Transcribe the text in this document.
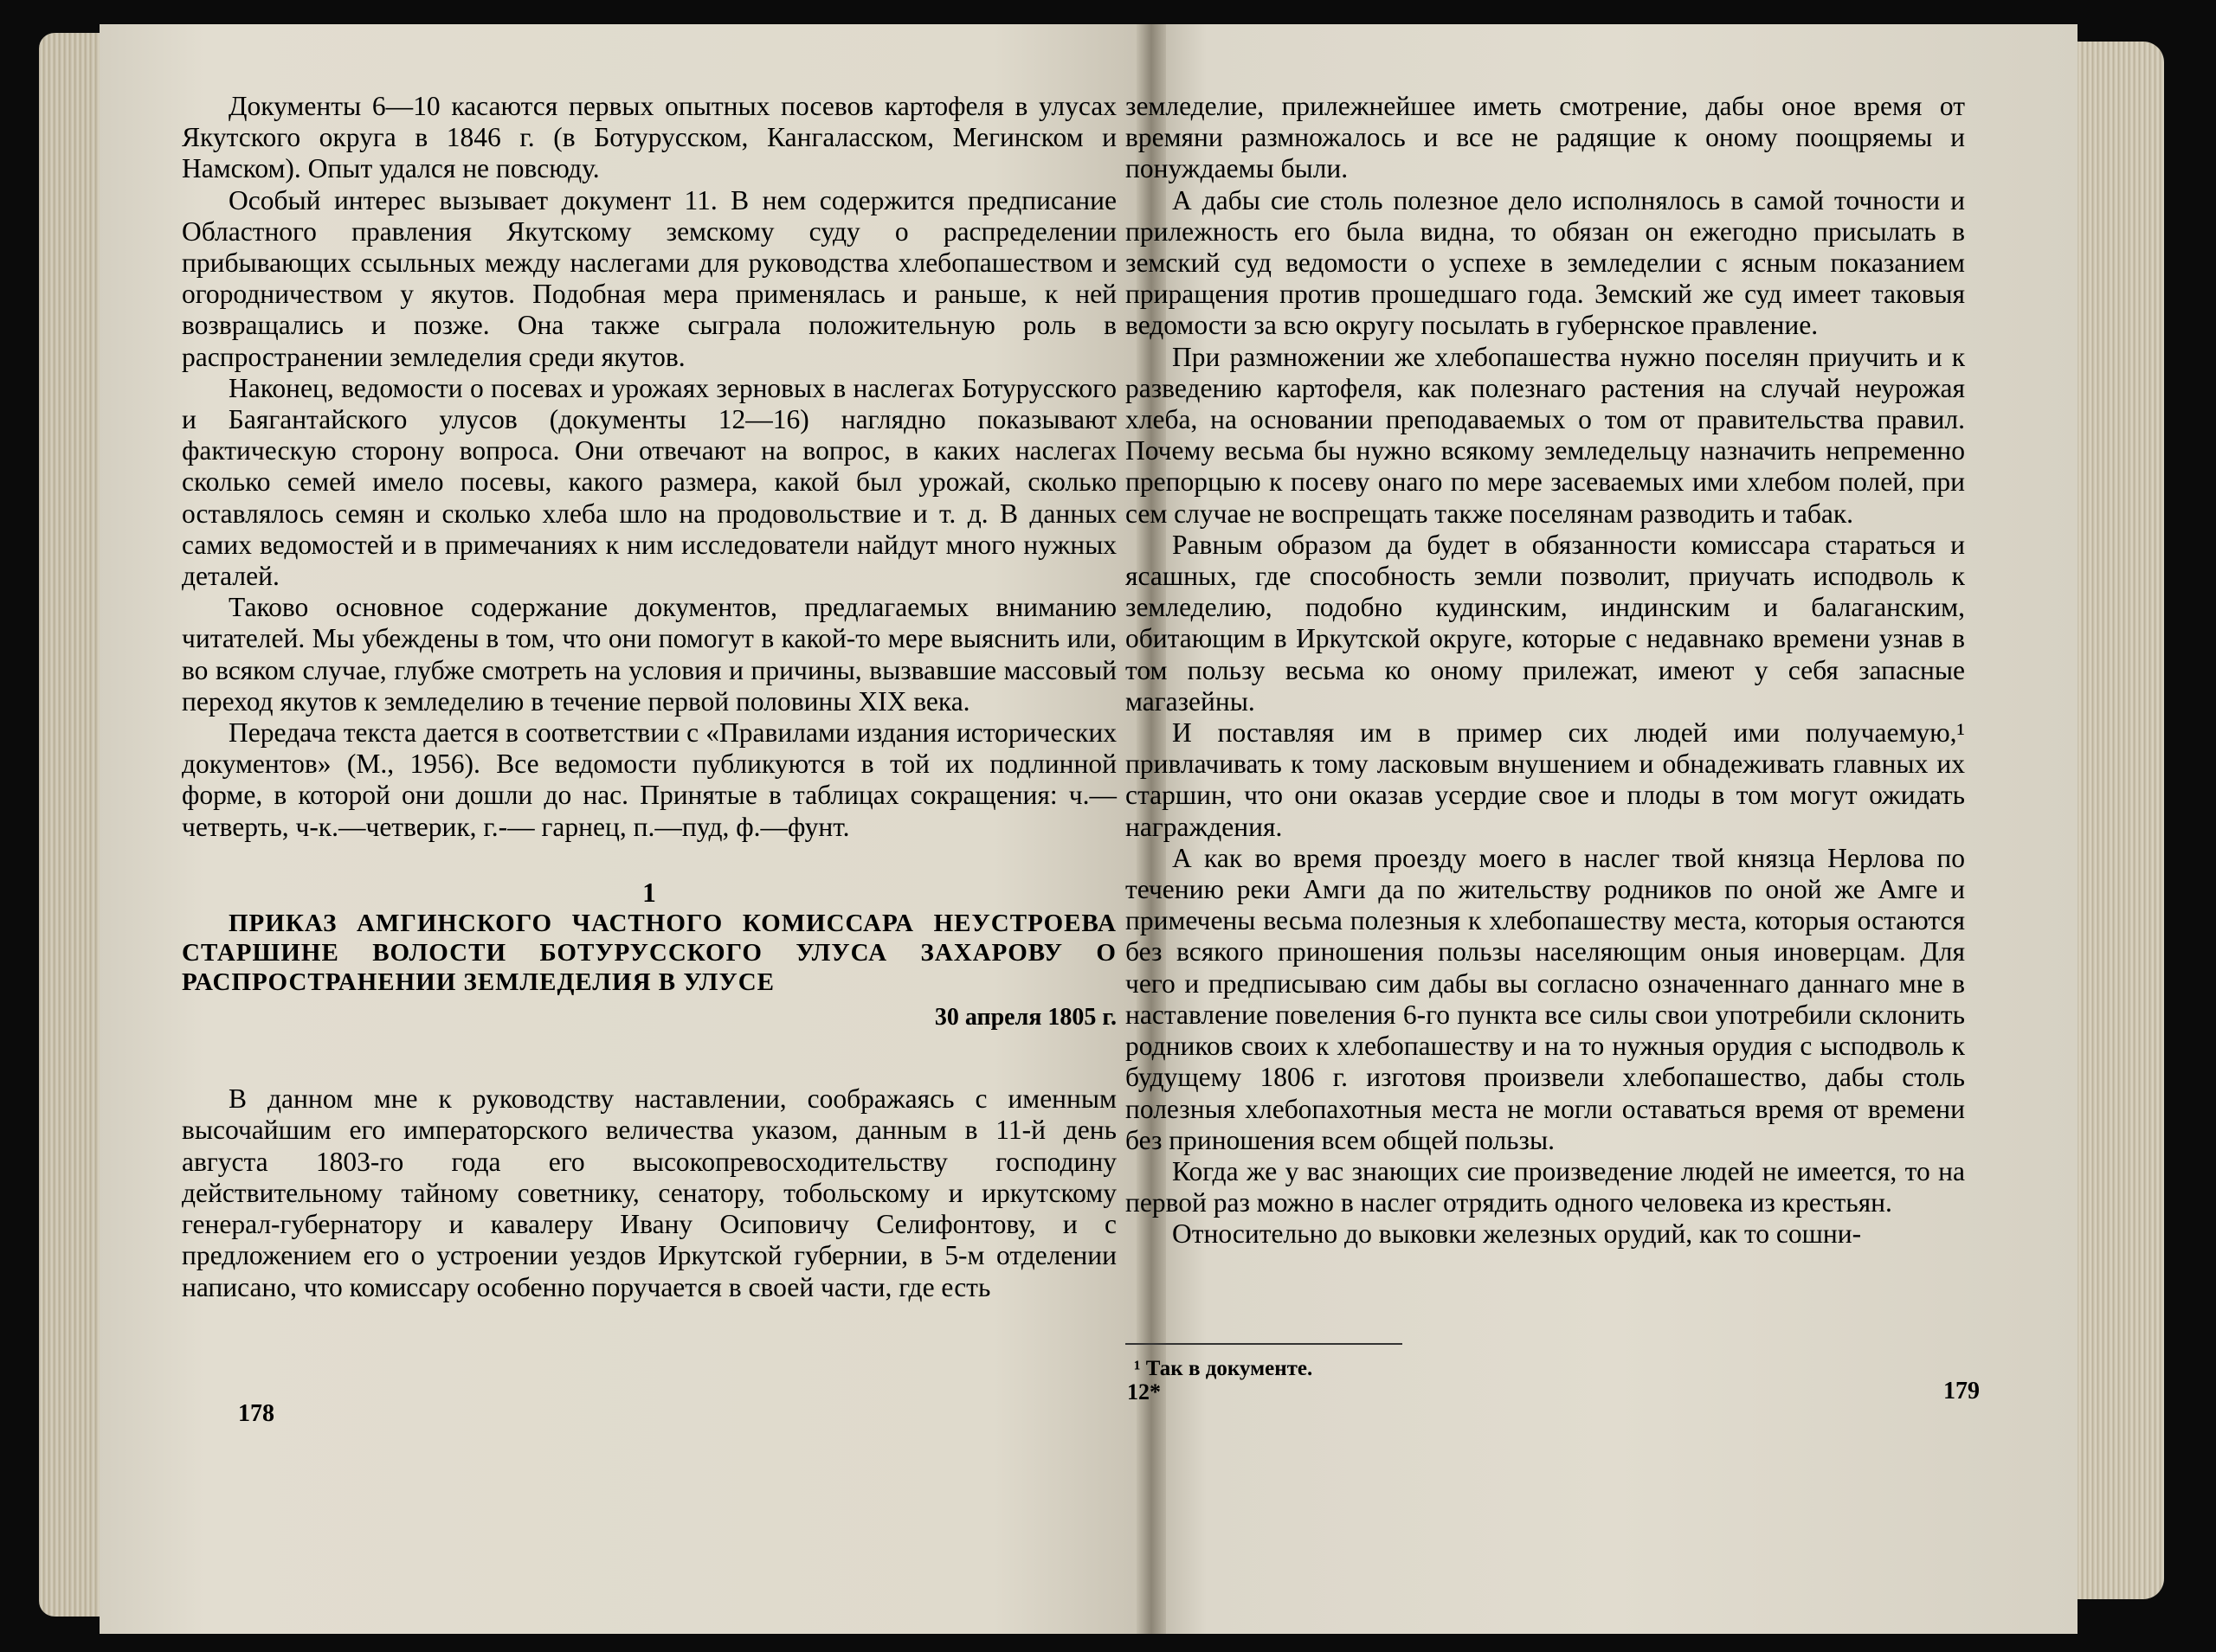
Документы 6—10 касаются первых опытных посевов картофеля в улусах Якутского округа в 1846 г. (в Ботурусском, Кангаласском, Мегинском и Намском). Опыт удался не повсюду.

Особый интерес вызывает документ 11. В нем содержится предписание Областного правления Якутскому земскому суду о распределении прибывающих ссыльных между наслегами для руководства хлебопашеством и огородничеством у якутов. Подобная мера применялась и раньше, к ней возвращались и позже. Она также сыграла положительную роль в распространении земледелия среди якутов.

Наконец, ведомости о посевах и урожаях зерновых в наслегах Ботурусского и Баягантайского улусов (документы 12—16) наглядно показывают фактическую сторону вопроса. Они отвечают на вопрос, в каких наслегах сколько семей имело посевы, какого размера, какой был урожай, сколько оставлялось семян и сколько хлеба шло на продовольствие и т. д. В данных самих ведомостей и в примечаниях к ним исследователи найдут много нужных деталей.

Таково основное содержание документов, предлагаемых вниманию читателей. Мы убеждены в том, что они помогут в какой-то мере выяснить или, во всяком случае, глубже смотреть на условия и причины, вызвавшие массовый переход якутов к земледелию в течение первой половины XIX века.

Передача текста дается в соответствии с «Правилами издания исторических документов» (М., 1956). Все ведомости публикуются в той их подлинной форме, в которой они дошли до нас. Принятые в таблицах сокращения: ч.— четверть, ч-к.—четверик, г.-— гарнец, п.—пуд, ф.—фунт.

1

ПРИКАЗ АМГИНСКОГО ЧАСТНОГО КОМИССАРА НЕУСТРОЕВА СТАРШИНЕ ВОЛОСТИ БОТУРУССКОГО УЛУСА ЗАХАРОВУ О РАСПРОСТРАНЕНИИ ЗЕМЛЕДЕЛИЯ В УЛУСЕ

30 апреля 1805 г.

В данном мне к руководству наставлении, соображаясь с именным высочайшим его императорского величества указом, данным в 11-й день августа 1803-го года его высокопревосходительству господину действительному тайному советнику, сенатору, тобольскому и иркутскому генерал-губернатору и кавалеру Ивану Осиповичу Селифонтову, и с предложением его о устроении уездов Иркутской губернии, в 5-м отделении написано, что комиссару особенно поручается в своей части, где есть

178

земледелие, прилежнейшее иметь смотрение, дабы оное время от времяни размножалось и все не радящие к оному поощряемы и понуждаемы были.

А дабы сие столь полезное дело исполнялось в самой точности и прилежность его была видна, то обязан он ежегодно присылать в земский суд ведомости о успехе в земледелии с ясным показанием приращения против прошедшаго года. Земский же суд имеет таковыя ведомости за всю округу посылать в губернское правление.

При размножении же хлебопашества нужно поселян приучить и к разведению картофеля, как полезнаго растения на случай неурожая хлеба, на основании преподаваемых о том от правительства правил. Почему весьма бы нужно всякому земледельцу назначить непременно препорцыю к посеву онаго по мере засеваемых ими хлебом полей, при сем случае не воспрещать также поселянам разводить и табак.

Равным образом да будет в обязанности комиссара стараться и ясашных, где способность земли позволит, приучать исподволь к земледелию, подобно кудинским, индинским и балаганским, обитающим в Иркутской округе, которые с недавнако времени узнав в том пользу весьма ко оному прилежат, имеют у себя запасные магазейны.

И поставляя им в пример сих людей ими получаемую,¹ привлачивать к тому ласковым внушением и обнадеживать главных их старшин, что они оказав усердие свое и плоды в том могут ожидать награждения.

А как во время проезду моего в наслег твой князца Нерлова по течению реки Амги да по жительству родников по оной же Амге и примечены весьма полезныя к хлебопашеству места, которыя остаются без всякого приношения пользы населяющим оныя иноверцам. Для чего и предписываю сим дабы вы согласно означеннаго даннаго мне в наставление повеления 6-го пункта все силы свои употребили склонить родников своих к хлебопашеству и на то нужныя орудия с ысподволь к будущему 1806 г. изготовя произвели хлебопашество, дабы столь полезныя хлебопахотныя места не могли оставаться время от времени без приношения всем общей пользы.

Когда же у вас знающих сие произведение людей не имеется, то на первой раз можно в наслег отрядить одного человека из крестьян.

Относительно до выковки железных орудий, как то сошни-

¹ Так в документе.
12*	179
